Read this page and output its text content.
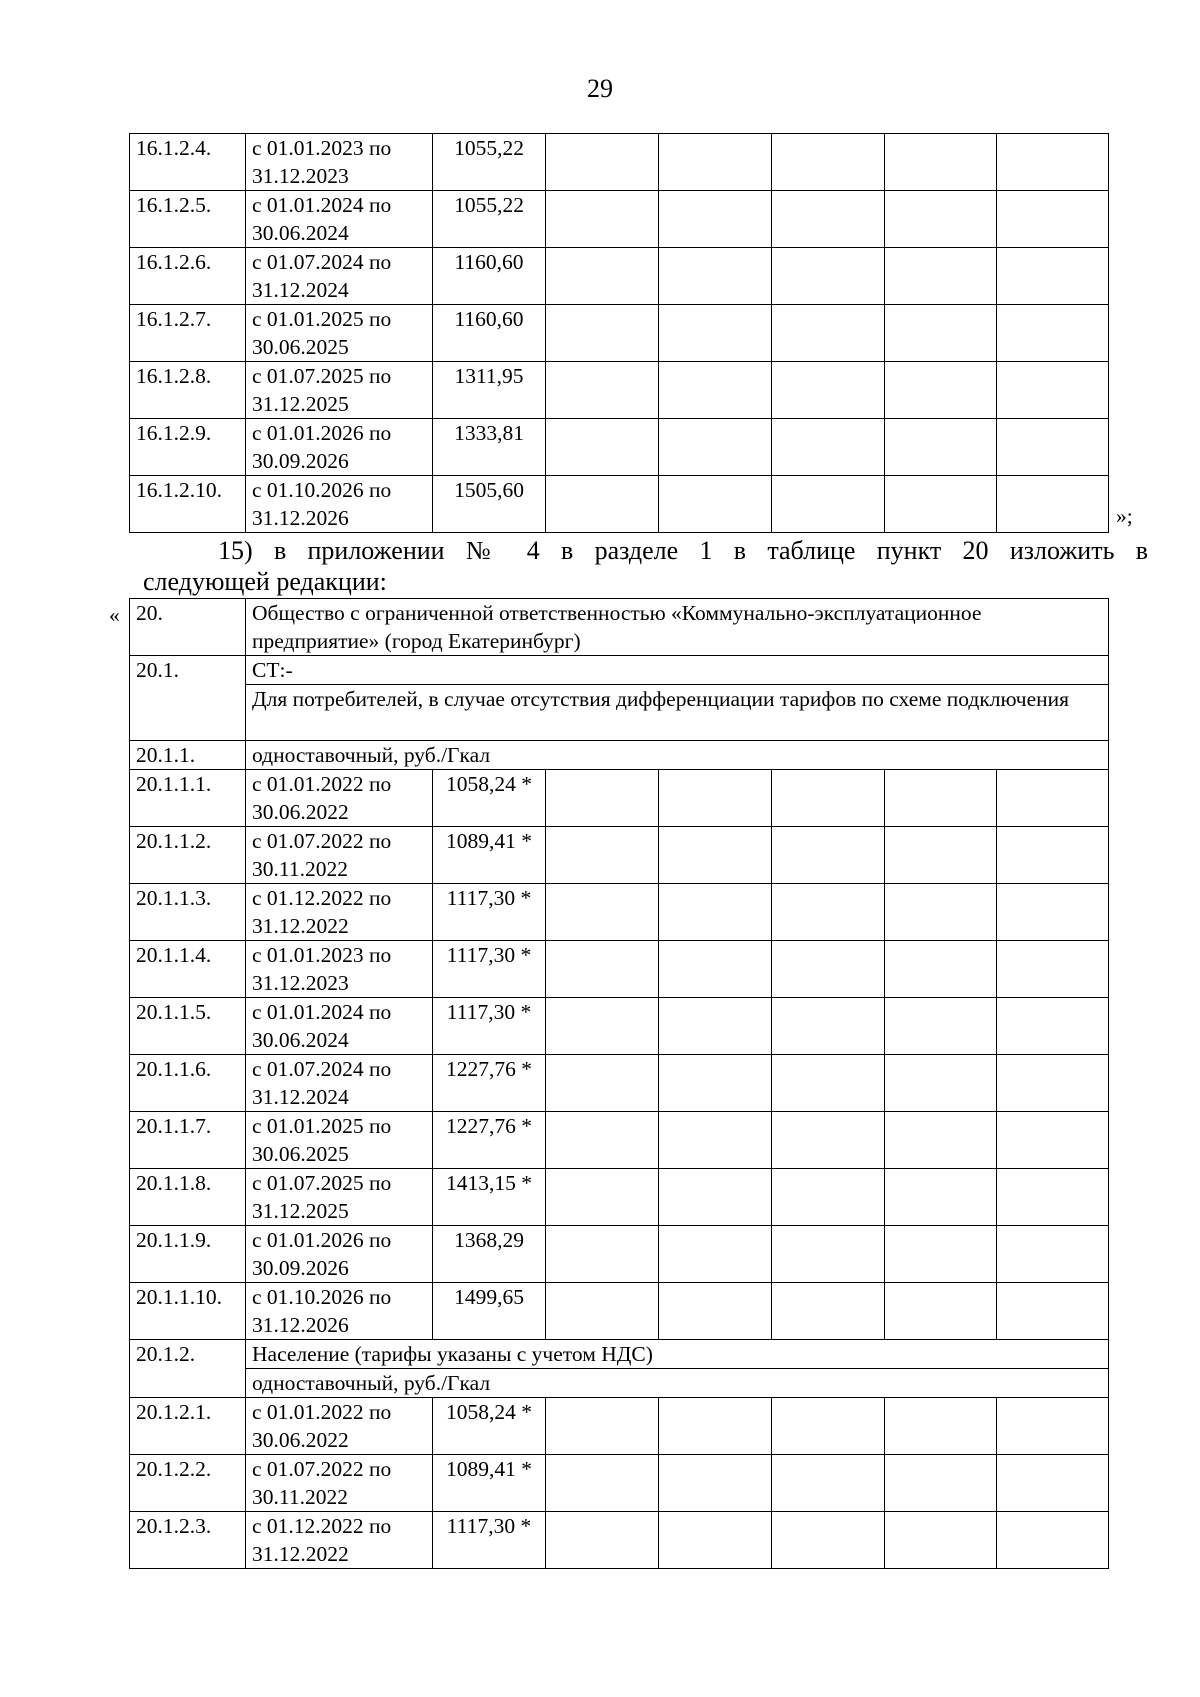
29
16.1.2.4.	с 01.01.2023 по 31.12.2023	1055,22					
16.1.2.5.	с 01.01.2024 по 30.06.2024	1055,22					
16.1.2.6.	с 01.07.2024 по 31.12.2024	1160,60					
16.1.2.7.	с 01.01.2025 по 30.06.2025	1160,60					
16.1.2.8.	с 01.07.2025 по 31.12.2025	1311,95					
16.1.2.9.	с 01.01.2026 по 30.09.2026	1333,81					
16.1.2.10.	с 01.10.2026 по 31.12.2026	1505,60					
»;
15) в приложении № 4 в разделе 1 в таблице пункт 20 изложить в
следующей редакции:
« 20.	Общество с ограниченной ответственностью «Коммунально-эксплуатационное предприятие» (город Екатеринбург)						
20.1.	СТ:-						
	Для потребителей, в случае отсутствия дифференциации тарифов по схеме подключения						
20.1.1.	одноставочный, руб./Гкал						
20.1.1.1.	с 01.01.2022 по 30.06.2022	1058,24 *					
20.1.1.2.	с 01.07.2022 по 30.11.2022	1089,41 *					
20.1.1.3.	с 01.12.2022 по 31.12.2022	1117,30 *					
20.1.1.4.	с 01.01.2023 по 31.12.2023	1117,30 *					
20.1.1.5.	с 01.01.2024 по 30.06.2024	1117,30 *					
20.1.1.6.	с 01.07.2024 по 31.12.2024	1227,76 *					
20.1.1.7.	с 01.01.2025 по 30.06.2025	1227,76 *					
20.1.1.8.	с 01.07.2025 по 31.12.2025	1413,15 *					
20.1.1.9.	с 01.01.2026 по 30.09.2026	1368,29					
20.1.1.10.	с 01.10.2026 по 31.12.2026	1499,65					
20.1.2.	Население (тарифы указаны с учетом НДС)						
	одноставочный, руб./Гкал						
20.1.2.1.	с 01.01.2022 по 30.06.2022	1058,24 *					
20.1.2.2.	с 01.07.2022 по 30.11.2022	1089,41 *					
20.1.2.3.	с 01.12.2022 по 31.12.2022	1117,30 *					
